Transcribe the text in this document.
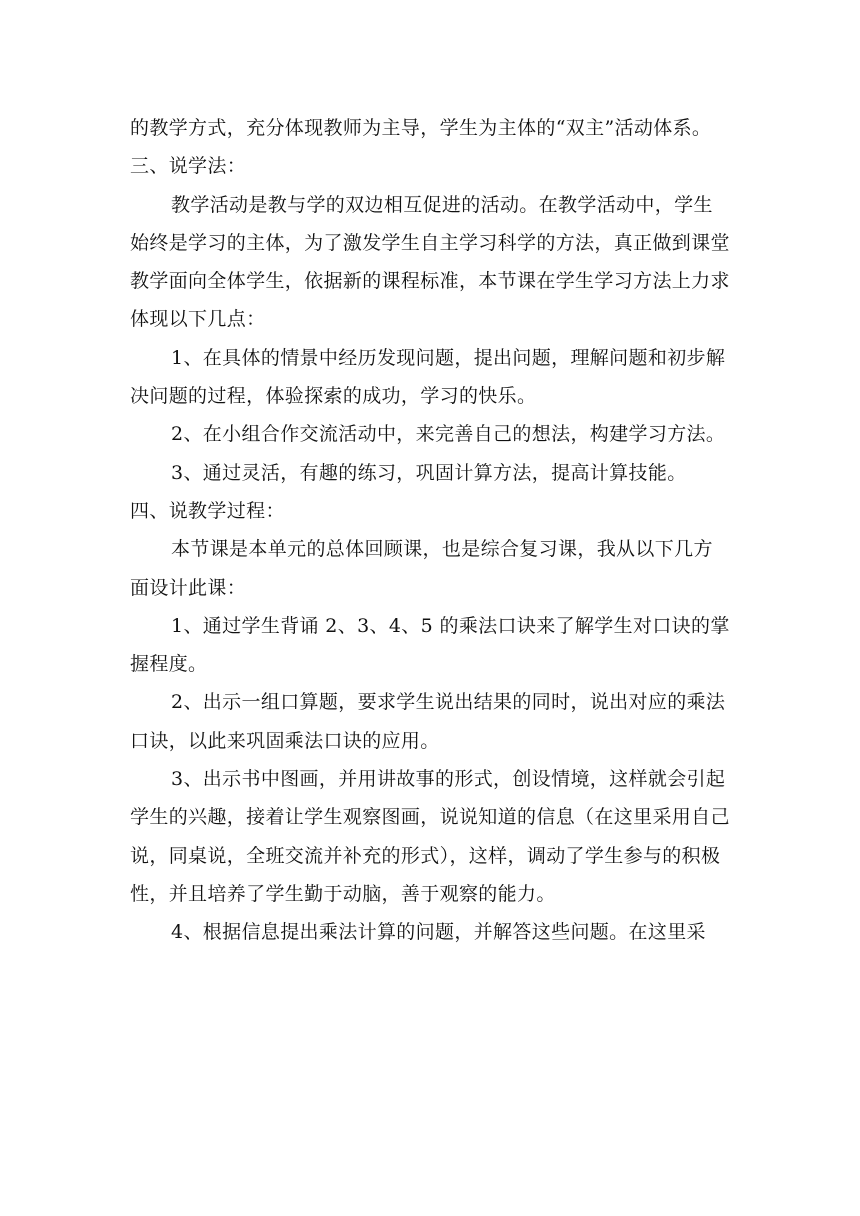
的教学方式，充分体现教师为主导，学生为主体的“双主”活动体系。

三、说学法：

教学活动是教与学的双边相互促进的活动。在教学活动中，学生始终是学习的主体，为了激发学生自主学习科学的方法，真正做到课堂教学面向全体学生，依据新的课程标准，本节课在学生学习方法上力求体现以下几点：

1、在具体的情景中经历发现问题，提出问题，理解问题和初步解决问题的过程，体验探索的成功，学习的快乐。

2、在小组合作交流活动中，来完善自己的想法，构建学习方法。

3、通过灵活，有趣的练习，巩固计算方法，提高计算技能。

四、说教学过程：

本节课是本单元的总体回顾课，也是综合复习课，我从以下几方面设计此课：

1、通过学生背诵 2、3、4、5 的乘法口诀来了解学生对口诀的掌握程度。

2、出示一组口算题，要求学生说出结果的同时，说出对应的乘法口诀，以此来巩固乘法口诀的应用。

3、出示书中图画，并用讲故事的形式，创设情境，这样就会引起学生的兴趣，接着让学生观察图画，说说知道的信息（在这里采用自己说，同桌说，全班交流并补充的形式），这样，调动了学生参与的积极性，并且培养了学生勤于动脑，善于观察的能力。

4、根据信息提出乘法计算的问题，并解答这些问题。在这里采
